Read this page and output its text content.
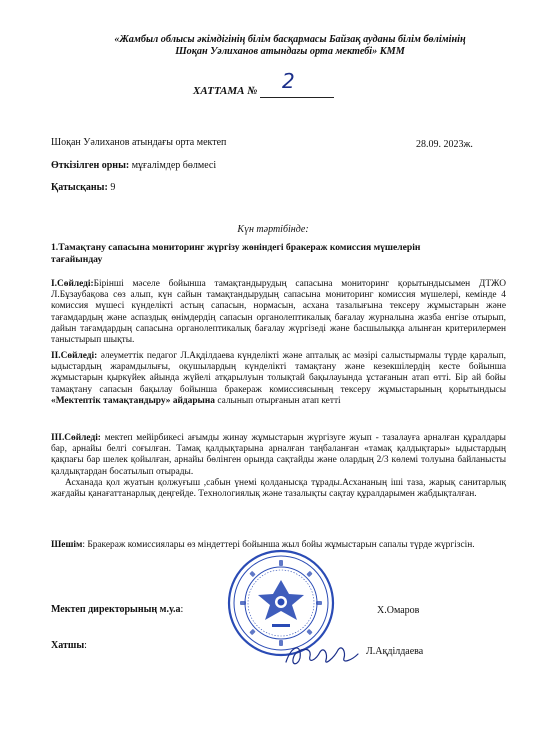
«Жамбыл облысы әкімдігінің білім басқармасы Байзақ ауданы білім бөлімінің
Шоқан Уәлиханов атындағы орта мектебі» КММ
ХАТТАМА № 2
Шоқан Уәлиханов атындағы орта мектеп	28.09. 2023ж.
Өткізілген орны: мұғалімдер бөлмесі
Қатысқаны: 9
Күн тәртібінде:
1.Тамақтану сапасына мониторинг жүргізу жөніндегі бракераж комиссия мүшелерін
тағайындау

І.Сөйледі:Бірінші мәселе бойынша тамақтандырудың сапасына мониторинг қорытындысымен ДТЖО Л.Бұзаубақова сөз алып, күн сайын тамақтандырудың сапасына мониторинг комиссия мүшелері, кемінде 4 комиссия мүшесі күнделікті астың сапасын, нормасын, асхана тазалығына тексеру жұмыстарын және тағамдардың және аспаздық өнімдердің сапасын органолептикалық бағалау журналына жазба енгізе отырып, дайын тағамдардың сапасына органолептикалық бағалау жүргізеді және басшылыққа алынған критерилермен таныстырып шықты.

ІІ.Сөйледі: әлеуметтік педагог Л.Ақділдаева күнделікті және апталық ас мәзірі салыстырмалы түрде қаралып, ыдыстардың жарамдылығы, оқушылардың күнделікті тамақтану және кезекшілердің кесте бойынша жұмыстарын қыркүйек айында жүйелі атқарылуын толықтай бақылауында ұстағанын атап өтті. Бір ай бойы тамақтану сапасын бақылау бойынша бракераж комиссиясының тексеру жұмыстарының қорытындысы «Мектептік тамақтандыру» айдарына салынып отырғанын атап кетті

ІІІ.Сөйледі: мектеп мейірбикесі ағымды жинау жұмыстарын жүргізуге жуып - тазалауға арналған құралдары бар, арнайы белгі соғылған. Тамақ қалдықтарына арналған таңбаланған «тамақ қалдықтары» ыдыстардың қақпағы бар шелек қойылған, арнайы бөлінген орында сақтайды және олардың 2/3 көлемі толуына байланысты қалдықтардан босатылып отырады.

Асханада қол жуатын қолжуғыш ,сабын үнемі қолданысқа тұрады.Асхананың іші таза, жарық санитарлық жағдайы қанағаттанарлық деңгейде. Технологиялық және тазалықты сақтау құралдарымен жабдықталған.

Шешім: Бракераж комиссиялары өз міндеттері бойынша жыл бойы жұмыстарын сапалы түрде жүргізсін.

Мектеп директорының м.у.а:	Х.Омаров
Хатшы:
Л.Ақділдаева
